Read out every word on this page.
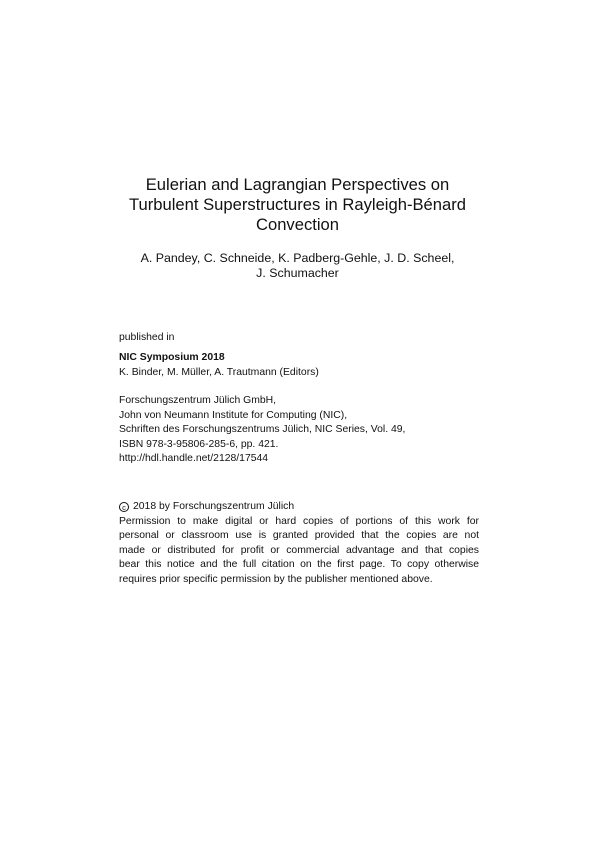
Eulerian and Lagrangian Perspectives on
Turbulent Superstructures in Rayleigh-Bénard
Convection
A. Pandey, C. Schneide, K. Padberg-Gehle, J. D. Scheel,
J. Schumacher
published in
NIC Symposium 2018
K. Binder, M. Müller, A. Trautmann (Editors)
Forschungszentrum Jülich GmbH,
John von Neumann Institute for Computing (NIC),
Schriften des Forschungszentrums Jülich, NIC Series, Vol. 49,
ISBN 978-3-95806-285-6, pp. 421.
http://hdl.handle.net/2128/17544
c 2018 by Forschungszentrum Jülich
Permission to make digital or hard copies of portions of this work for
personal or classroom use is granted provided that the copies are not
made or distributed for profit or commercial advantage and that copies
bear this notice and the full citation on the first page. To copy otherwise
requires prior specific permission by the publisher mentioned above.
